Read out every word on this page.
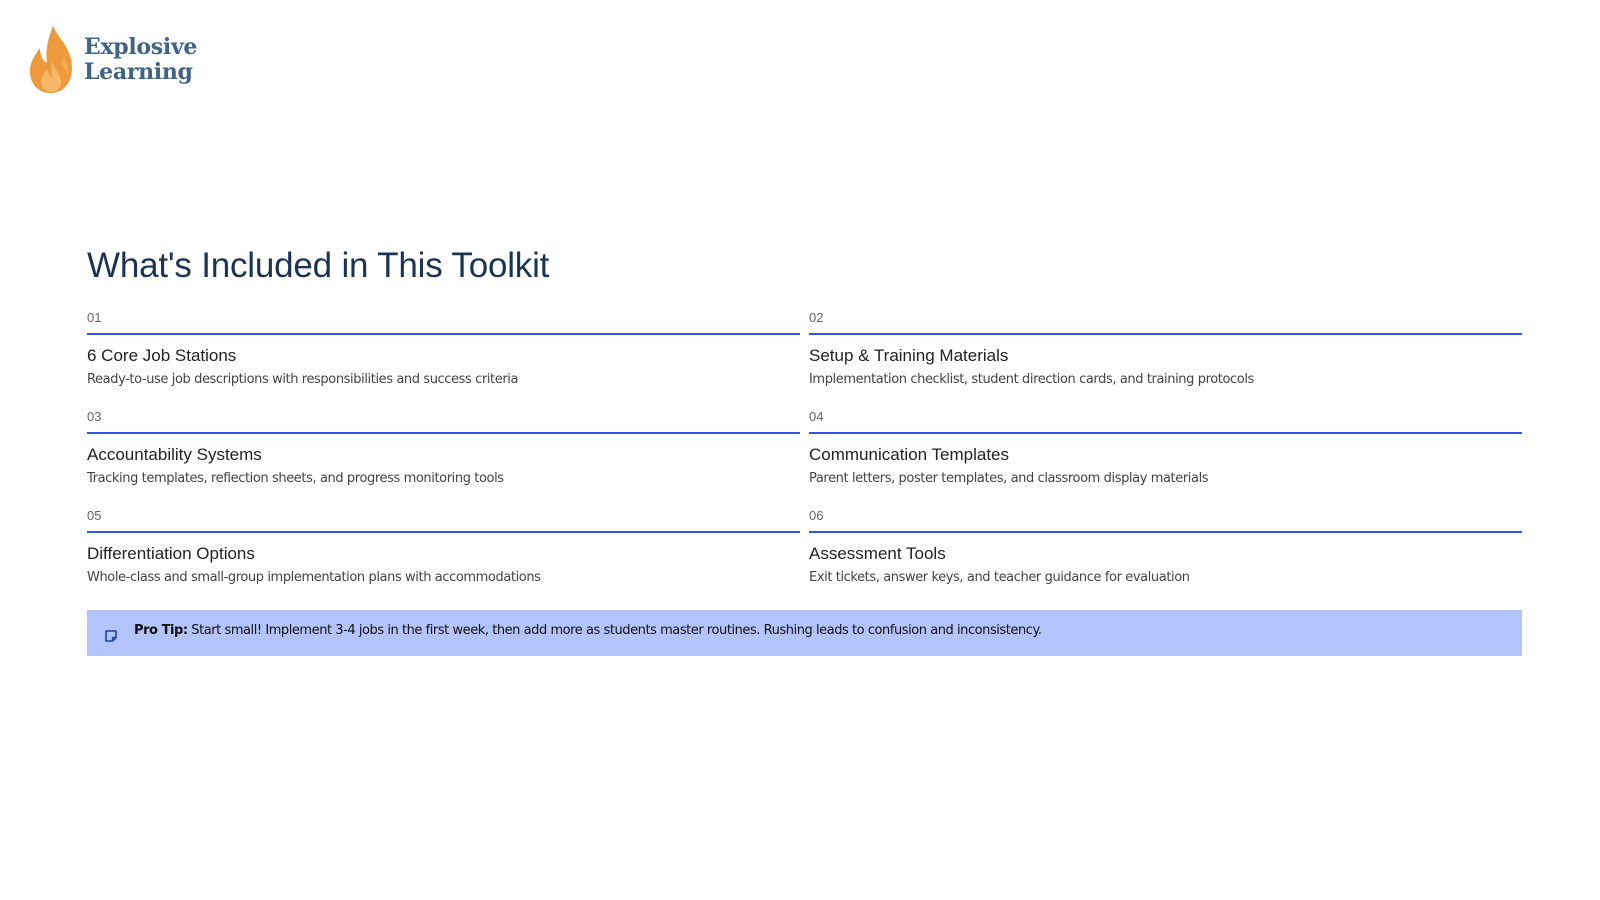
Explosive
Learning
What's Included in This Toolkit
01
6 Core Job Stations
Ready-to-use job descriptions with responsibilities and success criteria
02
Setup & Training Materials
Implementation checklist, student direction cards, and training protocols
03
Accountability Systems
Tracking templates, reflection sheets, and progress monitoring tools
04
Communication Templates
Parent letters, poster templates, and classroom display materials
05
Differentiation Options
Whole-class and small-group implementation plans with accommodations
06
Assessment Tools
Exit tickets, answer keys, and teacher guidance for evaluation
Pro Tip: Start small! Implement 3-4 jobs in the first week, then add more as students master routines. Rushing leads to confusion and inconsistency.
